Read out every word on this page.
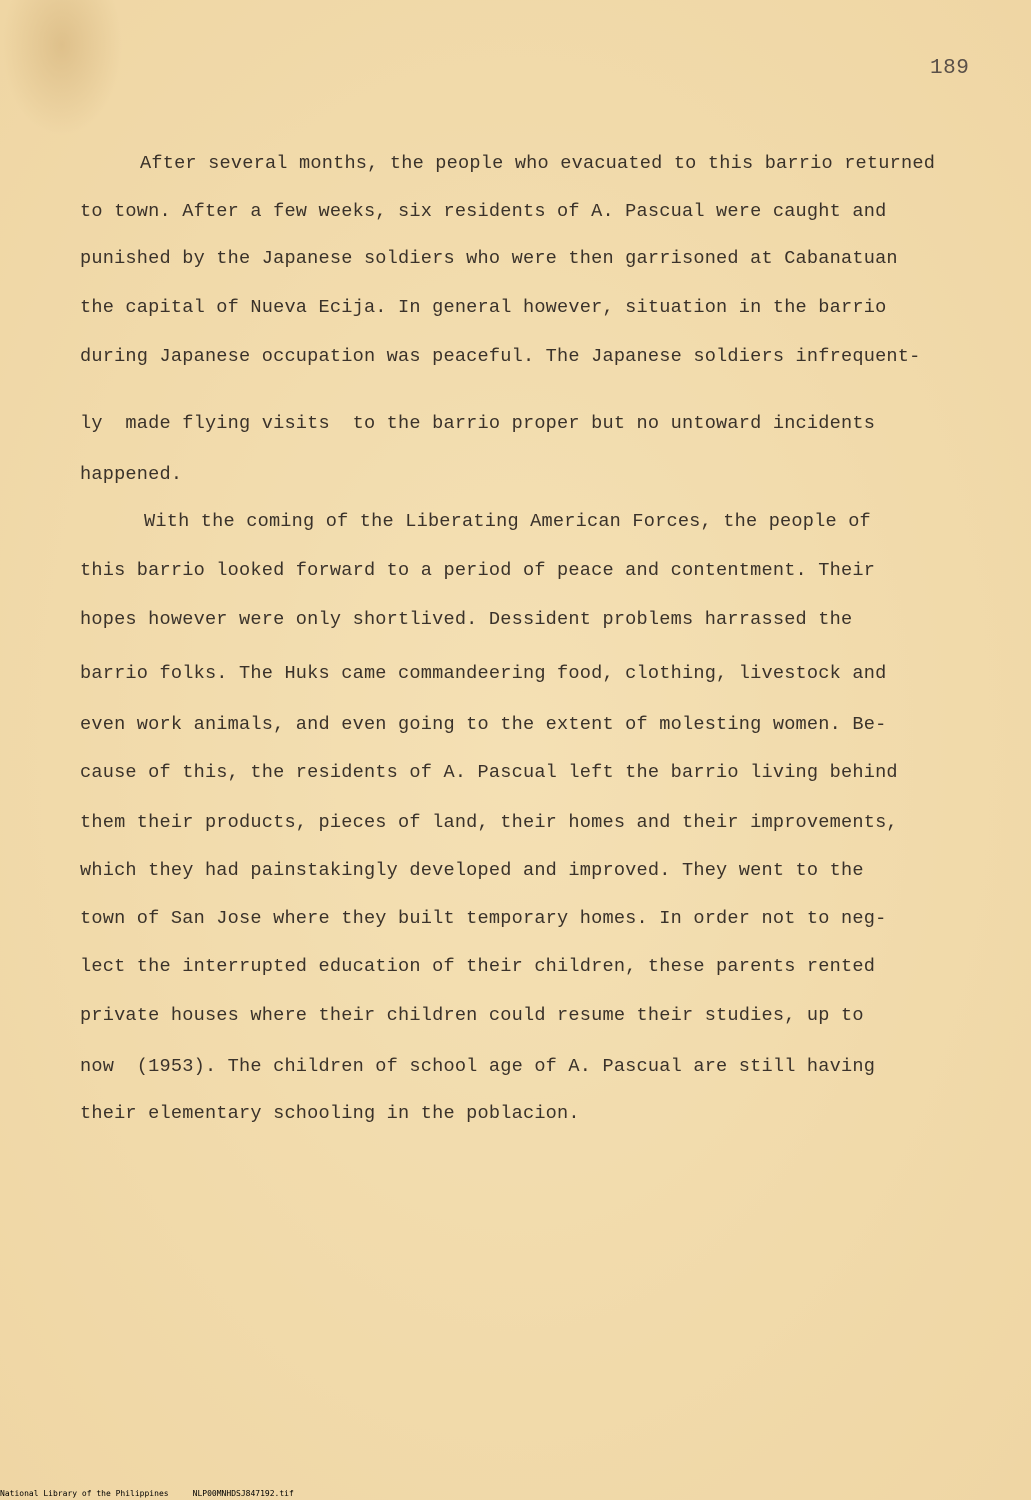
189
After several months, the people who evacuated to this barrio returned
to town. After a few weeks, six residents of A. Pascual were caught and
punished by the Japanese soldiers who were then garrisoned at Cabanatuan
the capital of Nueva Ecija. In general however, situation in the barrio
during Japanese occupation was peaceful. The Japanese soldiers infrequent-
ly  made flying visits  to the barrio proper but no untoward incidents
happened.
With the coming of the Liberating American Forces, the people of
this barrio looked forward to a period of peace and contentment. Their
hopes however were only shortlived. Dessident problems harrassed the
barrio folks. The Huks came commandeering food, clothing, livestock and
even work animals, and even going to the extent of molesting women. Be-
cause of this, the residents of A. Pascual left the barrio living behind
them their products, pieces of land, their homes and their improvements,
which they had painstakingly developed and improved. They went to the
town of San Jose where they built temporary homes. In order not to neg-
lect the interrupted education of their children, these parents rented
private houses where their children could resume their studies, up to
now  (1953). The children of school age of A. Pascual are still having
their elementary schooling in the poblacion.
National Library of the Philippines     NLP00MNHDSJ847192.tif
